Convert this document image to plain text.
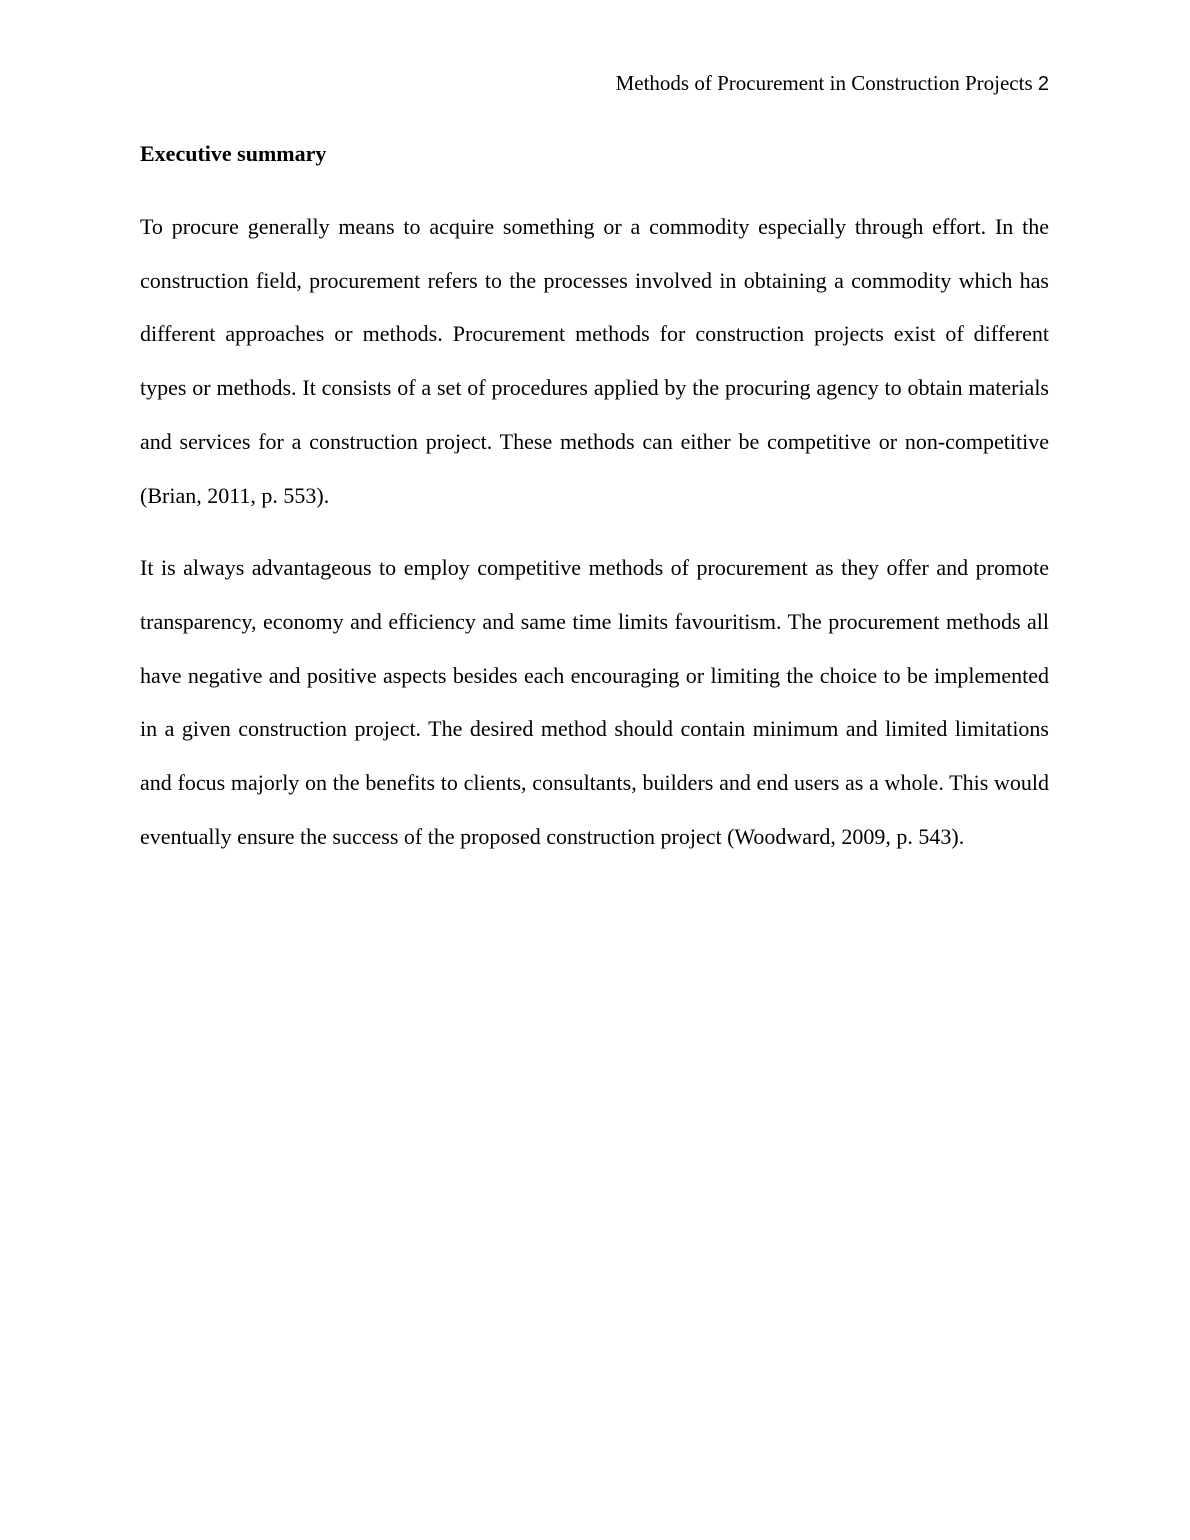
Methods of Procurement in Construction Projects 2
Executive summary

To procure generally means to acquire something or a commodity especially through effort. In the construction field, procurement refers to the processes involved in obtaining a commodity which has different approaches or methods. Procurement methods for construction projects exist of different types or methods. It consists of a set of procedures applied by the procuring agency to obtain materials and services for a construction project. These methods can either be competitive or non-competitive (Brian, 2011, p. 553).

It is always advantageous to employ competitive methods of procurement as they offer and promote transparency, economy and efficiency and same time limits favouritism. The procurement methods all have negative and positive aspects besides each encouraging or limiting the choice to be implemented in a given construction project. The desired method should contain minimum and limited limitations and focus majorly on the benefits to clients, consultants, builders and end users as a whole. This would eventually ensure the success of the proposed construction project (Woodward, 2009, p. 543).
